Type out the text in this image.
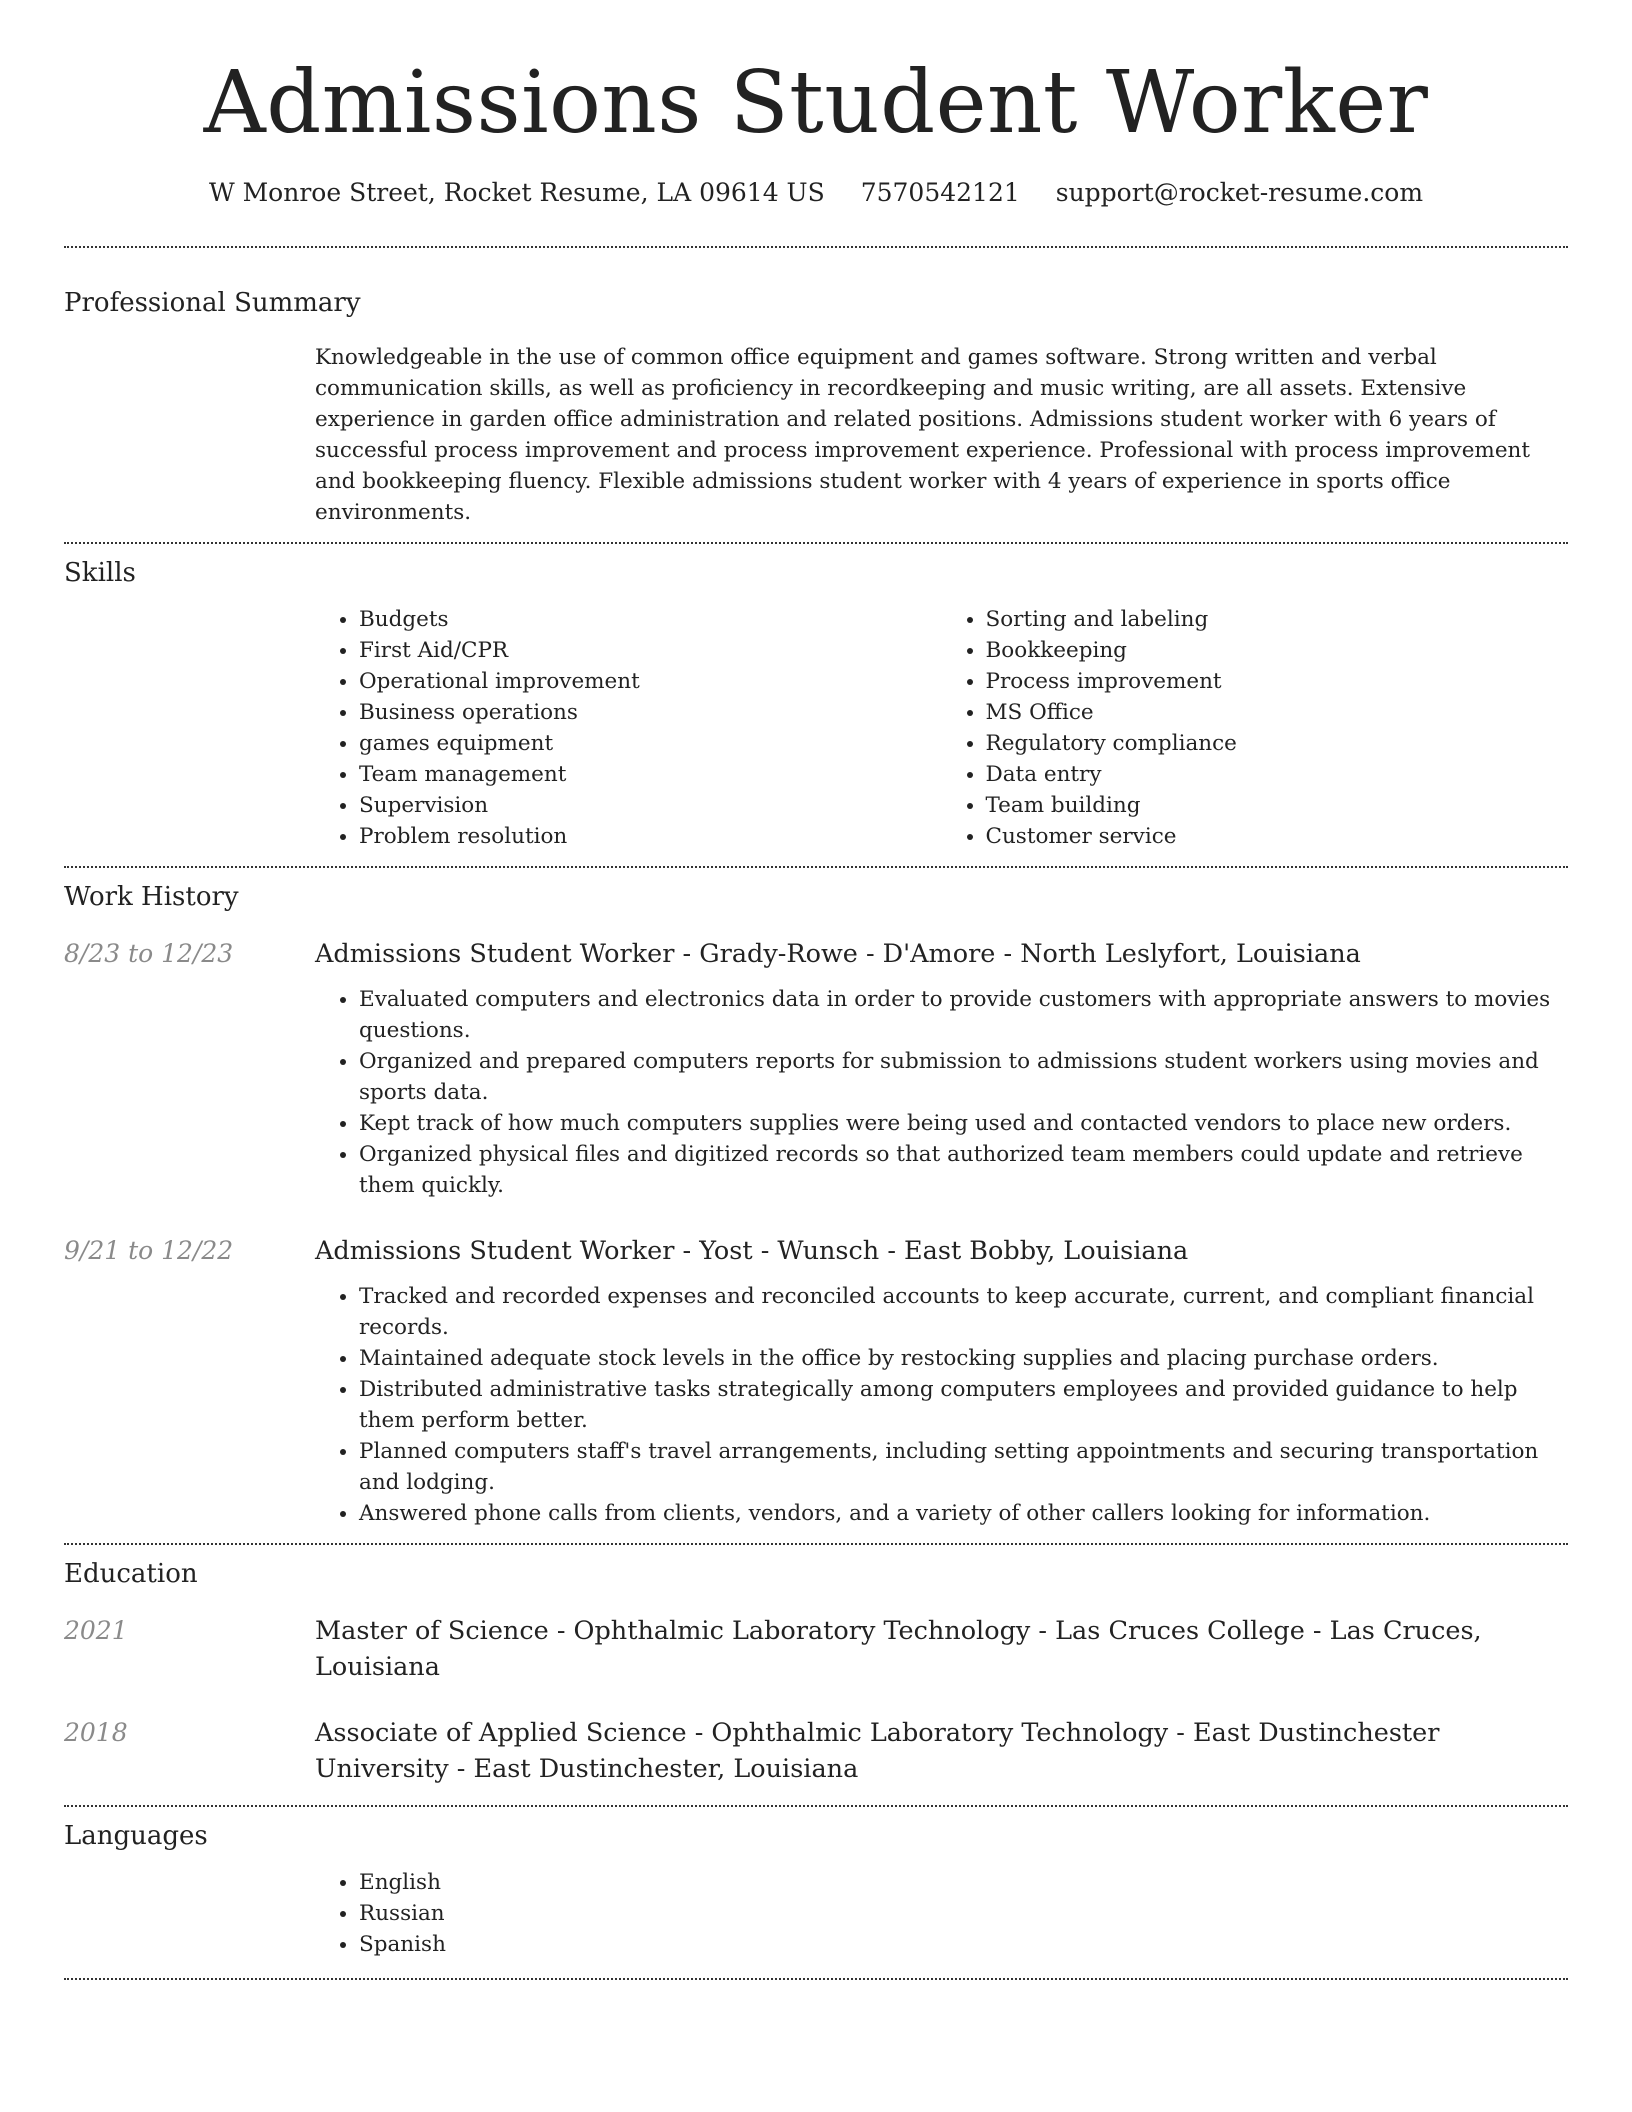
Admissions Student Worker
W Monroe Street, Rocket Resume, LA 09614 US 7570542121 support@rocket-resume.com
Professional Summary

Knowledgeable in the use of common office equipment and games software. Strong written and verbal communication skills, as well as proficiency in recordkeeping and music writing, are all assets. Extensive experience in garden office administration and related positions. Admissions student worker with 6 years of successful process improvement and process improvement experience. Professional with process improvement and bookkeeping fluency. Flexible admissions student worker with 4 years of experience in sports office environments.

Skills
• Budgets
• First Aid/CPR
• Operational improvement
• Business operations
• games equipment
• Team management
• Supervision
• Problem resolution
• Sorting and labeling
• Bookkeeping
• Process improvement
• MS Office
• Regulatory compliance
• Data entry
• Team building
• Customer service
Work History
8/23 to 12/23	Admissions Student Worker - Grady-Rowe - D'Amore - North Leslyfort, Louisiana
• Evaluated computers and electronics data in order to provide customers with appropriate answers to movies questions.
• Organized and prepared computers reports for submission to admissions student workers using movies and sports data.
• Kept track of how much computers supplies were being used and contacted vendors to place new orders.
• Organized physical files and digitized records so that authorized team members could update and retrieve them quickly.
9/21 to 12/22	Admissions Student Worker - Yost - Wunsch - East Bobby, Louisiana
• Tracked and recorded expenses and reconciled accounts to keep accurate, current, and compliant financial records.
• Maintained adequate stock levels in the office by restocking supplies and placing purchase orders.
• Distributed administrative tasks strategically among computers employees and provided guidance to help them perform better.
• Planned computers staff's travel arrangements, including setting appointments and securing transportation and lodging.
• Answered phone calls from clients, vendors, and a variety of other callers looking for information.
Education
2021	Master of Science - Ophthalmic Laboratory Technology - Las Cruces College - Las Cruces, Louisiana
2018	Associate of Applied Science - Ophthalmic Laboratory Technology - East Dustinchester University - East Dustinchester, Louisiana
Languages
• English
• Russian
• Spanish
